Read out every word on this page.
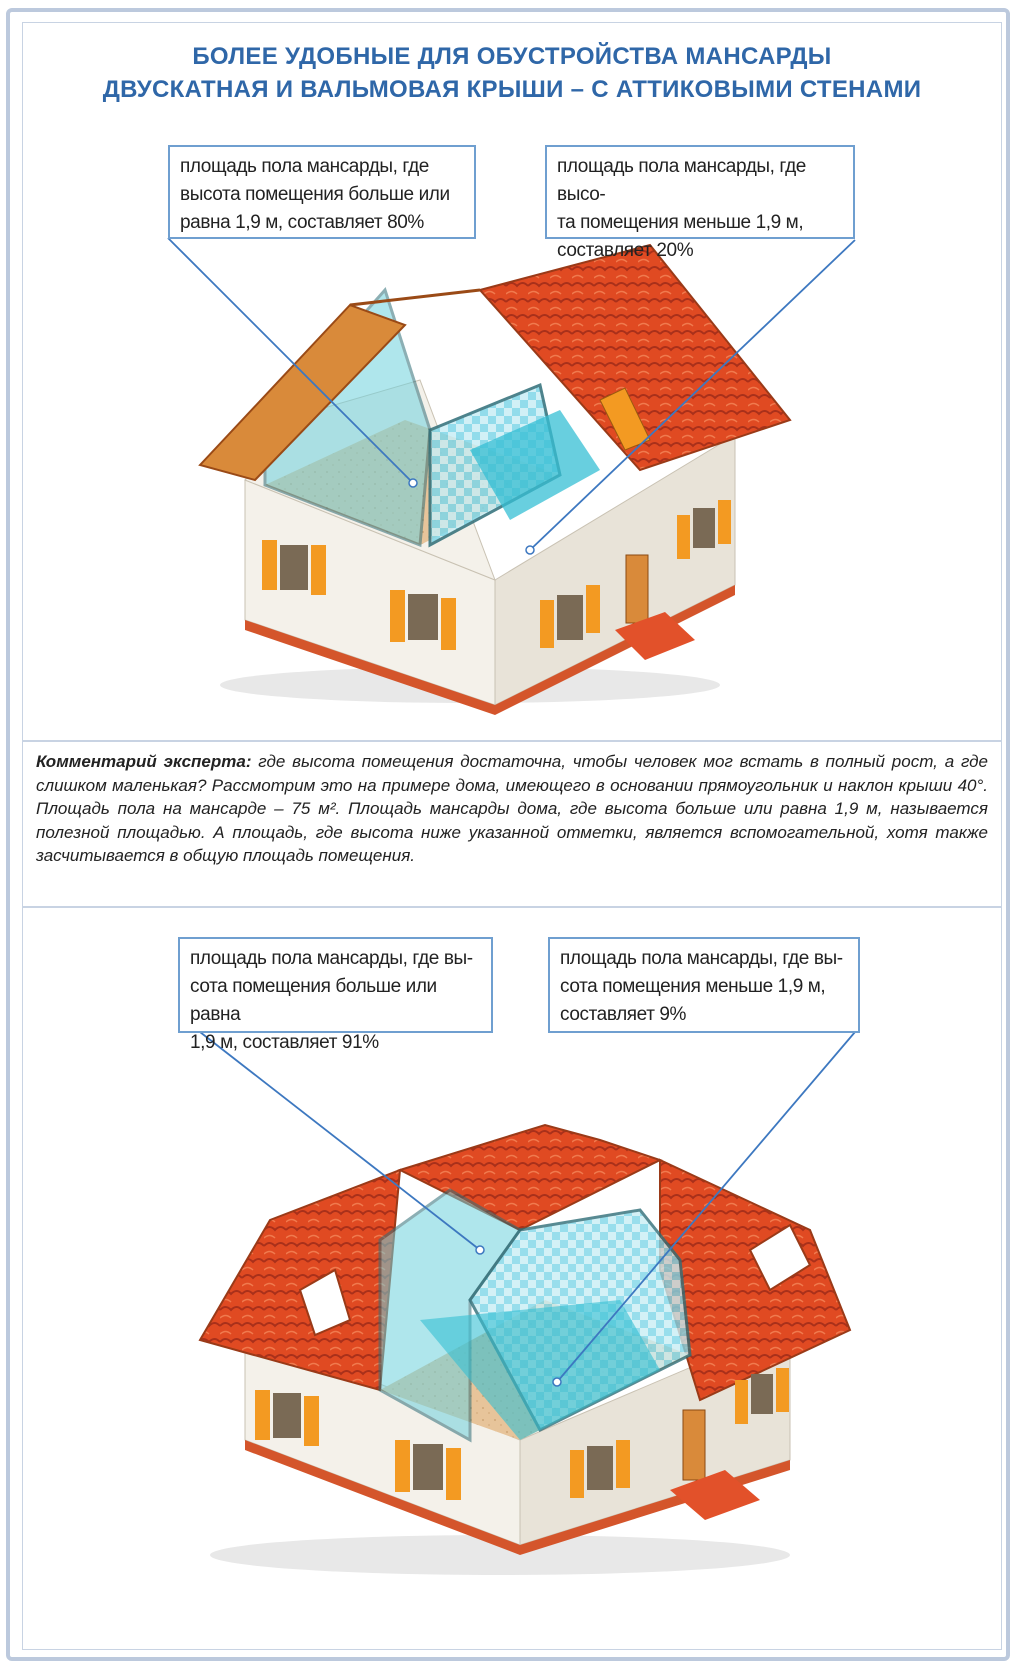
БОЛЕЕ УДОБНЫЕ ДЛЯ ОБУСТРОЙСТВА МАНСАРДЫ
ДВУСКАТНАЯ И ВАЛЬМОВАЯ КРЫШИ – С АТТИКОВЫМИ СТЕНАМИ
площадь пола мансарды, где
высота помещения больше или
равна 1,9 м, составляет 80%
площадь пола мансарды, где высо-
та помещения меньше 1,9 м,
составляет 20%

Комментарий эксперта: где высота помещения достаточна, чтобы человек мог встать в полный рост, а где слишком маленькая? Рассмотрим это на примере дома, имеющего в основании прямоугольник и наклон крыши 40°. Площадь пола на мансарде – 75 м². Площадь мансарды дома, где высота больше или равна 1,9 м, называется полезной площадью. А площадь, где высота ниже указанной отметки, является вспомогательной, хотя также засчитывается в общую площадь помещения.

площадь пола мансарды, где вы-
сота помещения больше или равна
1,9 м, составляет 91%
площадь пола мансарды, где вы-
сота помещения меньше 1,9 м,
составляет 9%
